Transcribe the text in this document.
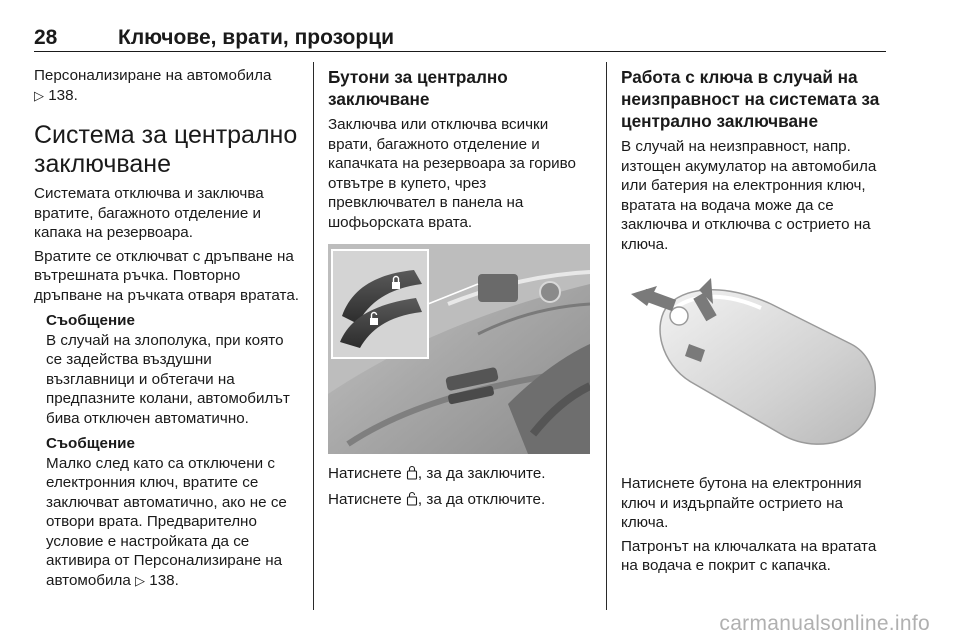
28	Ключове, врати, прозорци

Персонализиране на автомобила
▷ 138.

Система за централно заключване

Системата отключва и заключва вратите, багажното отделение и капака на резервоара.

Вратите се отключват с дръпване на вътрешната ръчка. Повторно дръпване на ръчката отваря вратата.

Съобщение

В случай на злополука, при която се задейства въздушни възглавници и обтегачи на предпазните колани, автомобилът бива отключен автоматично.

Съобщение

Малко след като са отключени с електронния ключ, вратите се заключват автоматично, ако не се отвори врата. Предварително условие е настройката да се активира от Персонализиране на автомобила ▷ 138.

Бутони за централно заключване

Заключва или отключва всички врати, багажното отделение и капачката на резервоара за гориво отвътре в купето, чрез превключвател в панела на шофьорската врата.

Натиснете , за да заключите.

Натиснете , за да отключите.

Работа с ключа в случай на неизправност на системата за централно заключване

В случай на неизправност, напр. изтощен акумулатор на автомобила или батерия на електронния ключ, вратата на водача може да се заключва и отключва с острието на ключа.

Натиснете бутона на електронния ключ и издърпайте острието на ключа.

Патронът на ключалката на вратата на водача е покрит с капачка.

carmanualsonline.info
